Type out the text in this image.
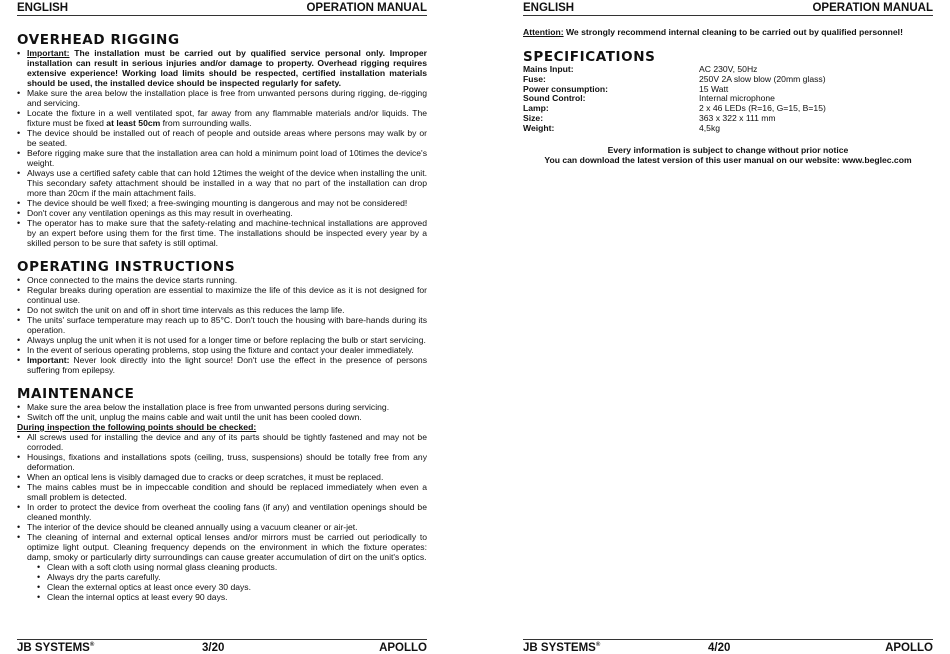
ENGLISH	OPERATION MANUAL
OVERHEAD RIGGING
• Important: The installation must be carried out by qualified service personal only. Improper installation can result in serious injuries and/or damage to property. Overhead rigging requires extensive experience! Working load limits should be respected, certified installation materials should be used, the installed device should be inspected regularly for safety.
• Make sure the area below the installation place is free from unwanted persons during rigging, de-rigging and servicing.
• Locate the fixture in a well ventilated spot, far away from any flammable materials and/or liquids. The fixture must be fixed at least 50cm from surrounding walls.
• The device should be installed out of reach of people and outside areas where persons may walk by or be seated.
• Before rigging make sure that the installation area can hold a minimum point load of 10times the device's weight.
• Always use a certified safety cable that can hold 12times the weight of the device when installing the unit. This secondary safety attachment should be installed in a way that no part of the installation can drop more than 20cm if the main attachment fails.
• The device should be well fixed; a free-swinging mounting is dangerous and may not be considered!
• Don't cover any ventilation openings as this may result in overheating.
• The operator has to make sure that the safety-relating and machine-technical installations are approved by an expert before using them for the first time. The installations should be inspected every year by a skilled person to be sure that safety is still optimal.
OPERATING INSTRUCTIONS
• Once connected to the mains the device starts running.
• Regular breaks during operation are essential to maximize the life of this device as it is not designed for continual use.
• Do not switch the unit on and off in short time intervals as this reduces the lamp life.
• The units' surface temperature may reach up to 85°C. Don't touch the housing with bare-hands during its operation.
• Always unplug the unit when it is not used for a longer time or before replacing the bulb or start servicing.
• In the event of serious operating problems, stop using the fixture and contact your dealer immediately.
• Important: Never look directly into the light source! Don't use the effect in the presence of persons suffering from epilepsy.
MAINTENANCE
• Make sure the area below the installation place is free from unwanted persons during servicing.
• Switch off the unit, unplug the mains cable and wait until the unit has been cooled down.
During inspection the following points should be checked:
• All screws used for installing the device and any of its parts should be tightly fastened and may not be corroded.
• Housings, fixations and installations spots (ceiling, truss, suspensions) should be totally free from any deformation.
• When an optical lens is visibly damaged due to cracks or deep scratches, it must be replaced.
• The mains cables must be in impeccable condition and should be replaced immediately when even a small problem is detected.
• In order to protect the device from overheat the cooling fans (if any) and ventilation openings should be cleaned monthly.
• The interior of the device should be cleaned annually using a vacuum cleaner or air-jet.
• The cleaning of internal and external optical lenses and/or mirrors must be carried out periodically to optimize light output. Cleaning frequency depends on the environment in which the fixture operates: damp, smoky or particularly dirty surroundings can cause greater accumulation of dirt on the unit's optics.
• Clean with a soft cloth using normal glass cleaning products.
• Always dry the parts carefully.
• Clean the external optics at least once every 30 days.
• Clean the internal optics at least every 90 days.
JB SYSTEMS®	3/20	APOLLO
ENGLISH	OPERATION MANUAL
Attention: We strongly recommend internal cleaning to be carried out by qualified personnel!
SPECIFICATIONS
Mains Input:	AC 230V, 50Hz
Fuse:	250V 2A slow blow (20mm glass)
Power consumption:	15 Watt
Sound Control:	Internal microphone
Lamp:	2 x 46 LEDs (R=16, G=15, B=15)
Size:	363 x 322 x 111 mm
Weight:	4,5kg
Every information is subject to change without prior notice
You can download the latest version of this user manual on our website: www.beglec.com
JB SYSTEMS®	4/20	APOLLO
